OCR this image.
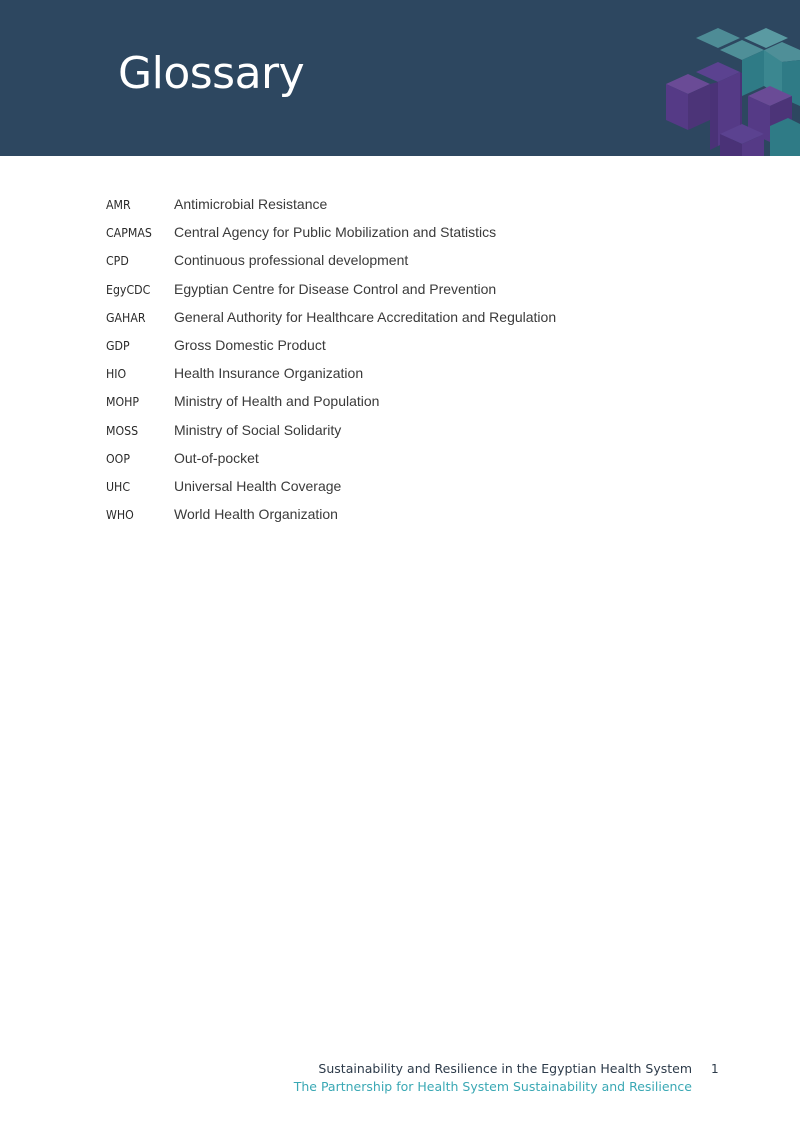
Glossary
AMR	Antimicrobial Resistance
CAPMAS	Central Agency for Public Mobilization and Statistics
CPD	Continuous professional development
EgyCDC	Egyptian Centre for Disease Control and Prevention
GAHAR	General Authority for Healthcare Accreditation and Regulation
GDP	Gross Domestic Product
HIO	Health Insurance Organization
MOHP	Ministry of Health and Population
MOSS	Ministry of Social Solidarity
OOP	Out-of-pocket
UHC	Universal Health Coverage
WHO	World Health Organization
Sustainability and Resilience in the Egyptian Health System
The Partnership for Health System Sustainability and Resilience
1
